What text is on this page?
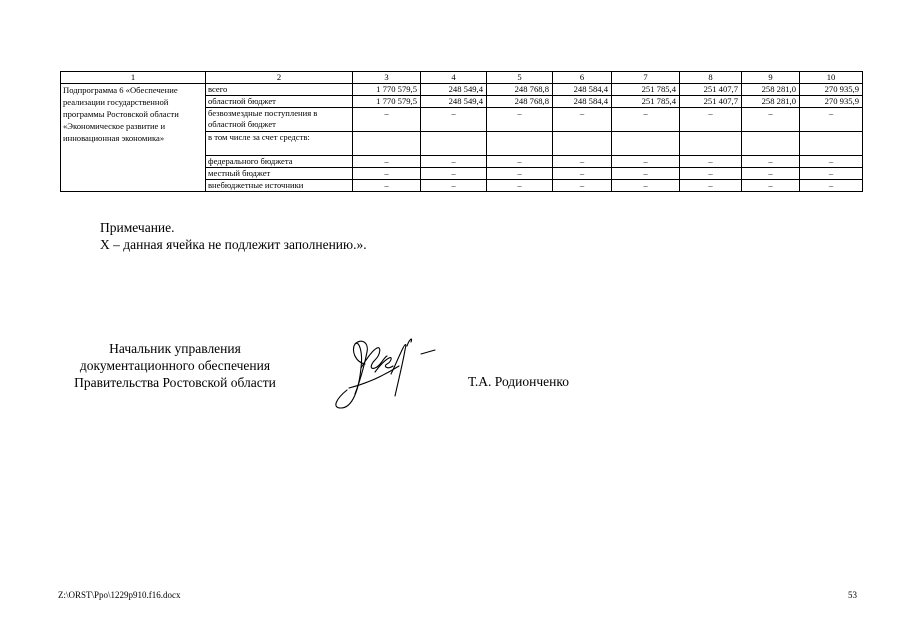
1	2	3	4	5	6	7	8	9	10
Подпрограмма 6 «Обеспечение реализации государственной программы Ростовской области «Экономическое развитие и инновационная экономика»	всего	1 770 579,5	248 549,4	248 768,8	248 584,4	251 785,4	251 407,7	258 281,0	270 935,9
	областной бюджет	1 770 579,5	248 549,4	248 768,8	248 584,4	251 785,4	251 407,7	258 281,0	270 935,9
	безвозмездные поступления в областной бюджет	–	–	–	–	–	–	–	–
	в том числе за счет средств:								
	федерального бюджета	–	–	–	–	–	–	–	–
	местный бюджет	–	–	–	–	–	–	–	–
	внебюджетные источники	–	–	–	–	–	–	–	–
Примечание.
Х – данная ячейка не подлежит заполнению.».
Начальник управления
документационного обеспечения
Правительства Ростовской области	Т.А. Родионченко
Z:\ORST\Ppo\1229p910.f16.docx	53
